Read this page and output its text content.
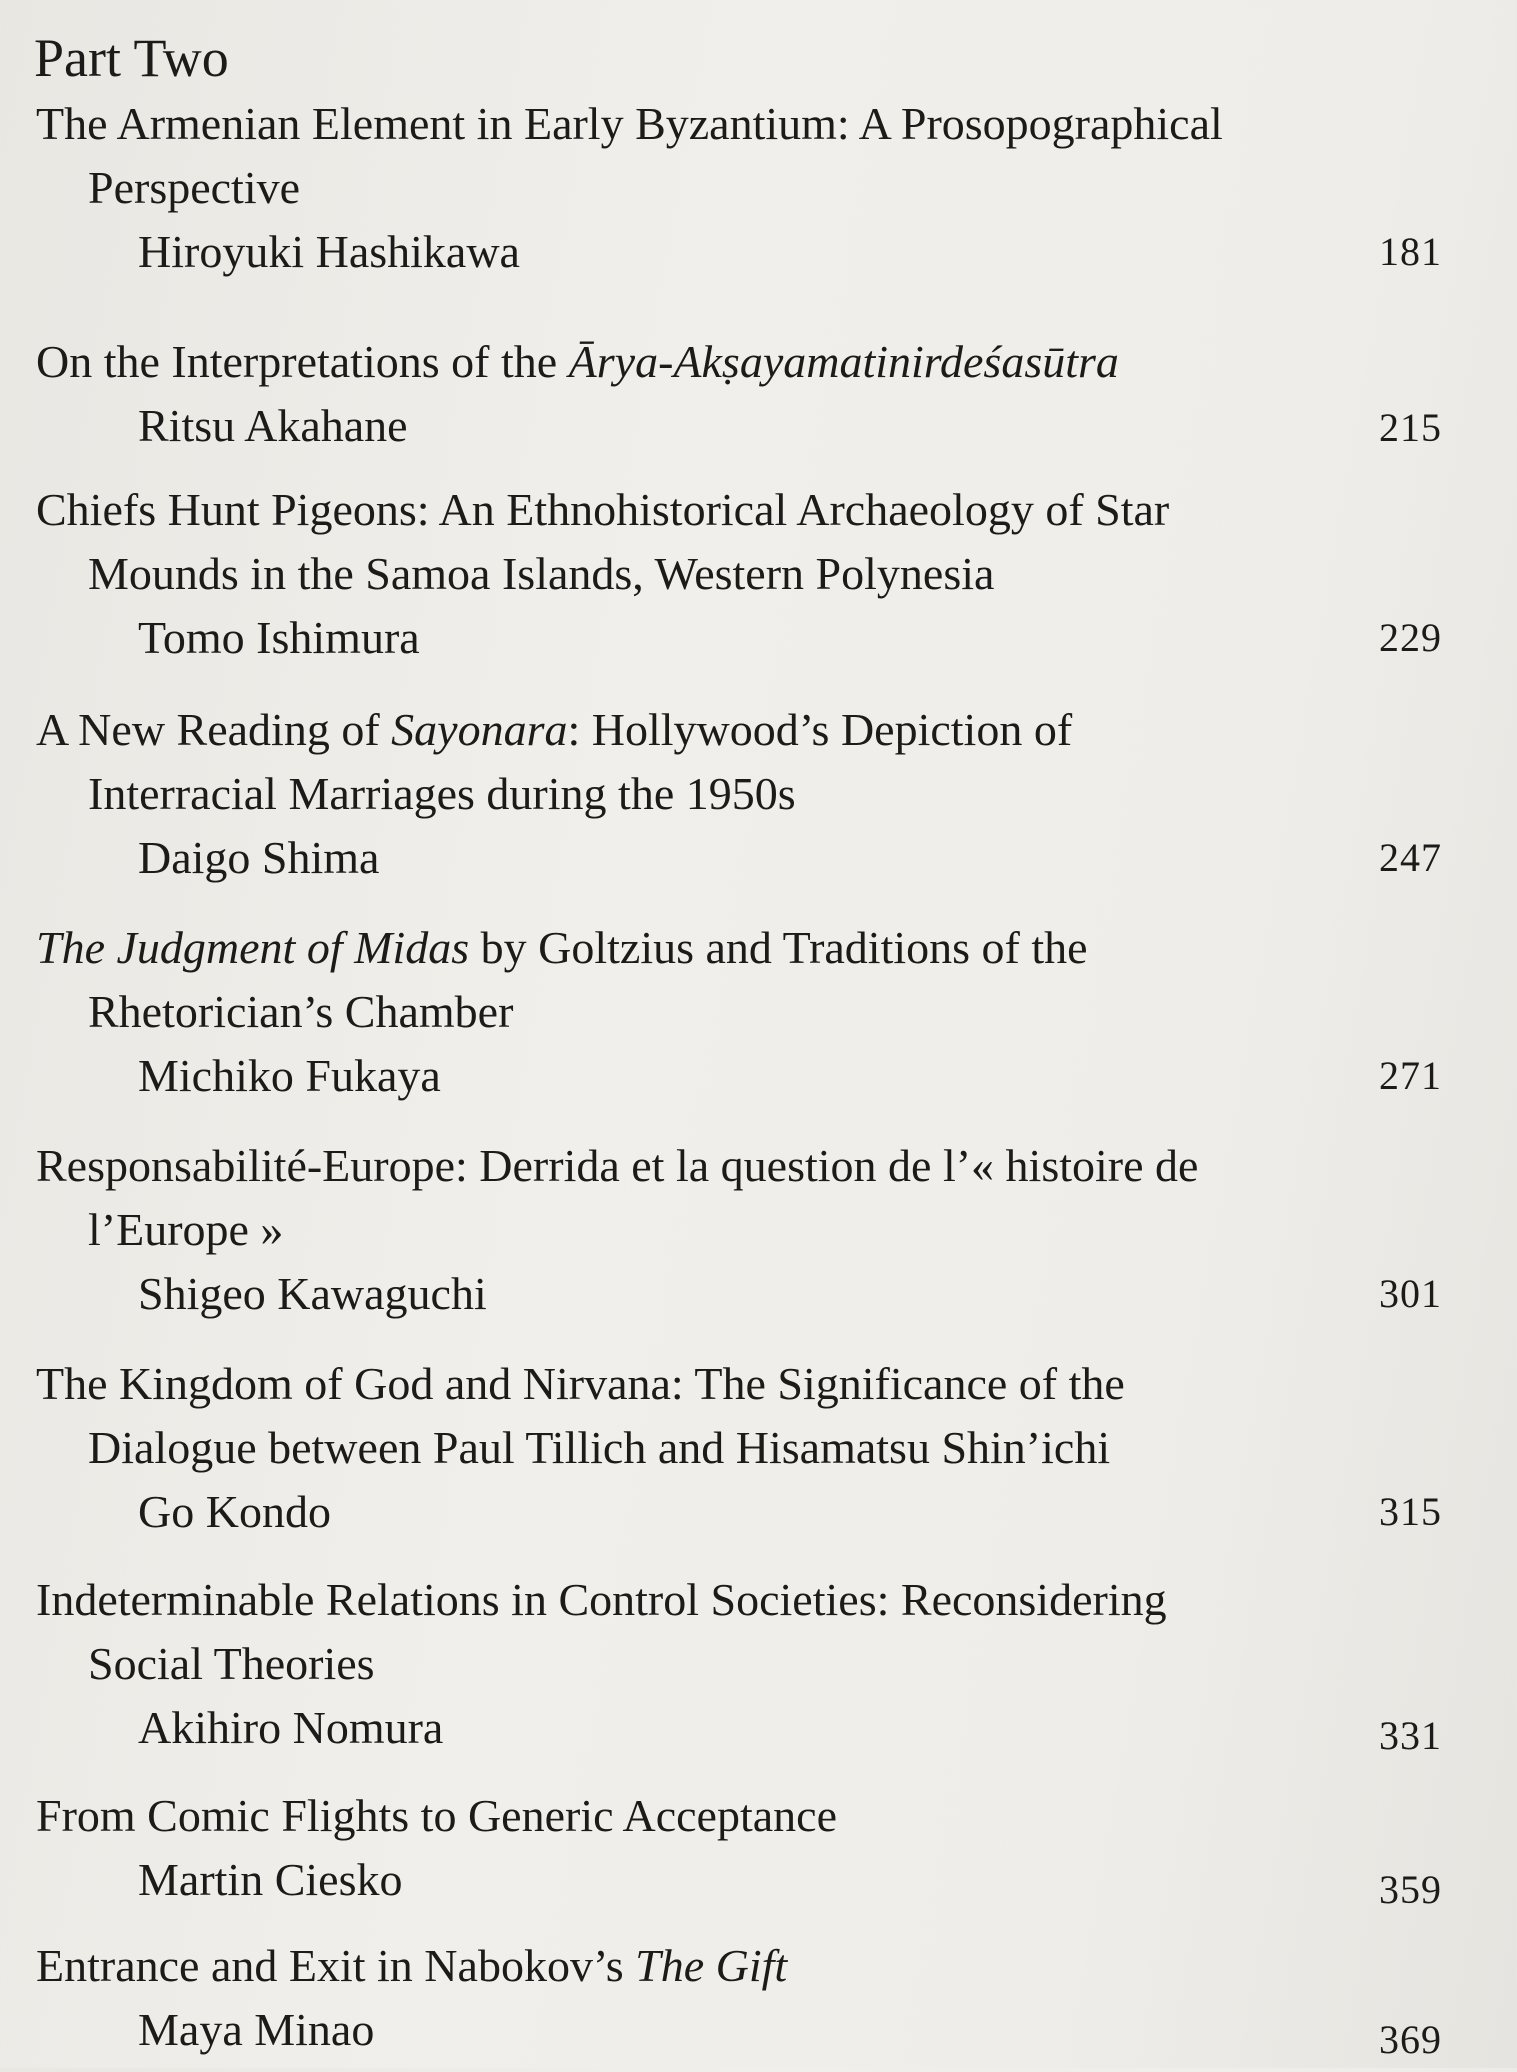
Part Two
The Armenian Element in Early Byzantium: A Prosopographical
Perspective
Hiroyuki Hashikawa	181
On the Interpretations of the Ārya-Akṣayamatinirdeśasūtra
Ritsu Akahane	215
Chiefs Hunt Pigeons: An Ethnohistorical Archaeology of Star
Mounds in the Samoa Islands, Western Polynesia
Tomo Ishimura	229
A New Reading of Sayonara: Hollywood’s Depiction of
Interracial Marriages during the 1950s
Daigo Shima	247
The Judgment of Midas by Goltzius and Traditions of the
Rhetorician’s Chamber
Michiko Fukaya	271
Responsabilité-Europe: Derrida et la question de l’« histoire de
l’Europe »
Shigeo Kawaguchi	301
The Kingdom of God and Nirvana: The Significance of the
Dialogue between Paul Tillich and Hisamatsu Shin’ichi
Go Kondo	315
Indeterminable Relations in Control Societies: Reconsidering
Social Theories
Akihiro Nomura	331
From Comic Flights to Generic Acceptance
Martin Ciesko	359
Entrance and Exit in Nabokov’s The Gift
Maya Minao	369
